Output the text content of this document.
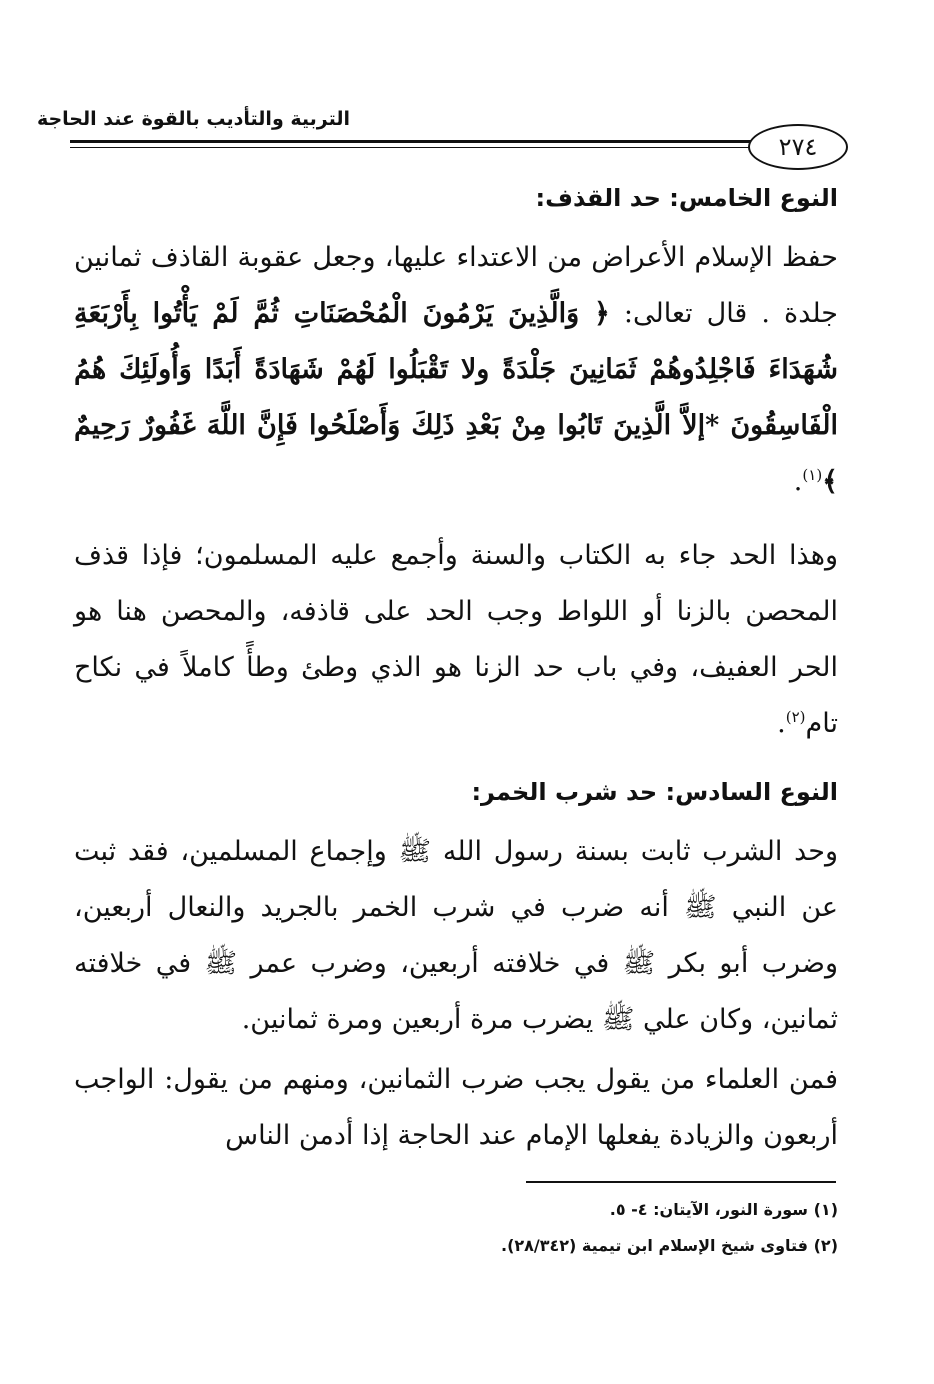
التربية والتأديب بالقوة عند الحاجة
٢٧٤
النوع الخامس: حد القذف:

حفظ الإسلام الأعراض من الاعتداء عليها، وجعل عقوبة القاذف ثمانين جلدة . قال تعالى: ﴿ وَالَّذِينَ يَرْمُونَ الْمُحْصَنَاتِ ثُمَّ لَمْ يَأْتُوا بِأَرْبَعَةِ شُهَدَاءَ فَاجْلِدُوهُمْ ثَمَانِينَ جَلْدَةً ولا تَقْبَلُوا لَهُمْ شَهَادَةً أَبَدًا وَأُولَئِكَ هُمُ الْفَاسِقُونَ *إلاَّ الَّذِينَ تَابُوا مِنْ بَعْدِ ذَلِكَ وَأَصْلَحُوا فَإِنَّ اللَّهَ غَفُورٌ رَحِيمٌ ﴾$^{(١)}$.

وهذا الحد جاء به الكتاب والسنة وأجمع عليه المسلمون؛ فإذا قذف المحصن بالزنا أو اللواط وجب الحد على قاذفه، والمحصن هنا هو الحر العفيف، وفي باب حد الزنا هو الذي وطئ وطأً كاملاً في نكاح تام$^{(٢)}$.

النوع السادس: حد شرب الخمر:

وحد الشرب ثابت بسنة رسول الله ﷺ وإجماع المسلمين، فقد ثبت عن النبي ﷺ أنه ضرب في شرب الخمر بالجريد والنعال أربعين، وضرب أبو بكر ﷺ في خلافته أربعين، وضرب عمر ﷺ في خلافته ثمانين، وكان علي ﷺ يضرب مرة أربعين ومرة ثمانين.

فمن العلماء من يقول يجب ضرب الثمانين، ومنهم من يقول: الواجب أربعون والزيادة يفعلها الإمام عند الحاجة إذا أدمن الناس

(١) سورة النور، الآيتان: ٤- ٥.
(٢) فتاوى شيخ الإسلام ابن تيمية (٢٨/٣٤٢).
